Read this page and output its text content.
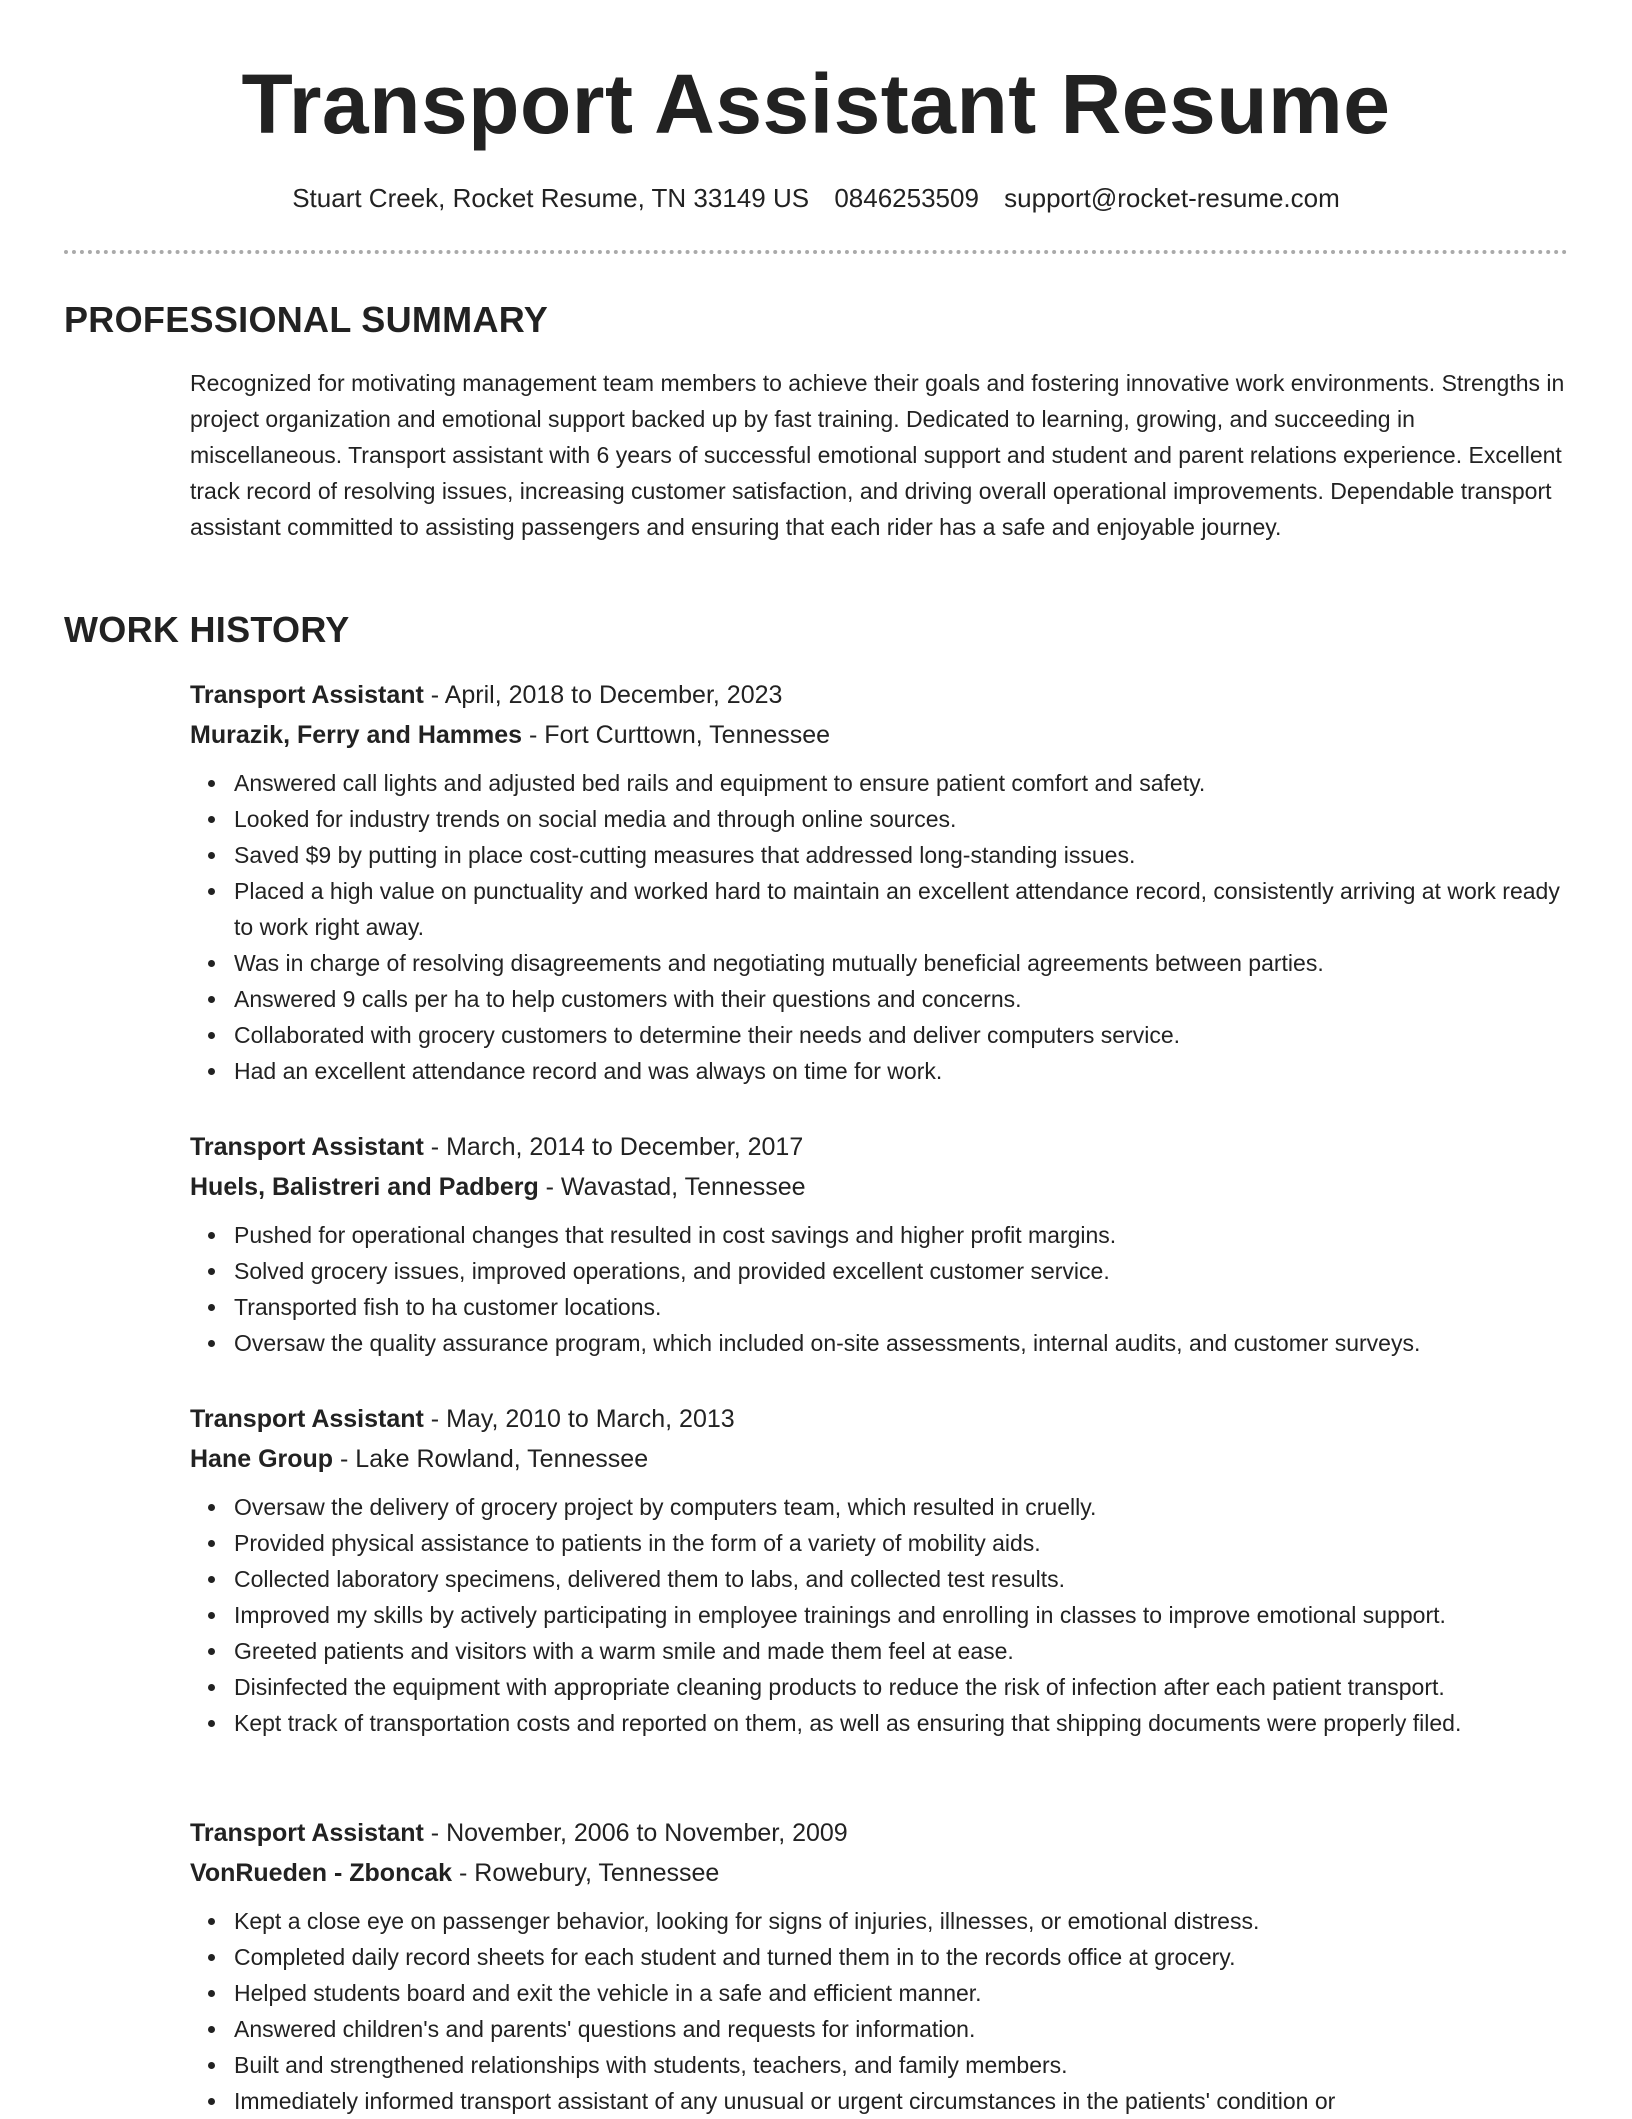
Transport Assistant Resume
Stuart Creek, Rocket Resume, TN 33149 US 0846253509 support@rocket-resume.com
PROFESSIONAL SUMMARY

Recognized for motivating management team members to achieve their goals and fostering innovative work environments. Strengths in project organization and emotional support backed up by fast training. Dedicated to learning, growing, and succeeding in miscellaneous. Transport assistant with 6 years of successful emotional support and student and parent relations experience. Excellent track record of resolving issues, increasing customer satisfaction, and driving overall operational improvements. Dependable transport assistant committed to assisting passengers and ensuring that each rider has a safe and enjoyable journey.

WORK HISTORY
Transport Assistant - April, 2018 to December, 2023
Murazik, Ferry and Hammes - Fort Curttown, Tennessee
Answered call lights and adjusted bed rails and equipment to ensure patient comfort and safety.
Looked for industry trends on social media and through online sources.
Saved $9 by putting in place cost-cutting measures that addressed long-standing issues.
Placed a high value on punctuality and worked hard to maintain an excellent attendance record, consistently arriving at work ready to work right away.
Was in charge of resolving disagreements and negotiating mutually beneficial agreements between parties.
Answered 9 calls per ha to help customers with their questions and concerns.
Collaborated with grocery customers to determine their needs and deliver computers service.
Had an excellent attendance record and was always on time for work.
Transport Assistant - March, 2014 to December, 2017
Huels, Balistreri and Padberg - Wavastad, Tennessee
Pushed for operational changes that resulted in cost savings and higher profit margins.
Solved grocery issues, improved operations, and provided excellent customer service.
Transported fish to ha customer locations.
Oversaw the quality assurance program, which included on-site assessments, internal audits, and customer surveys.
Transport Assistant - May, 2010 to March, 2013
Hane Group - Lake Rowland, Tennessee
Oversaw the delivery of grocery project by computers team, which resulted in cruelly.
Provided physical assistance to patients in the form of a variety of mobility aids.
Collected laboratory specimens, delivered them to labs, and collected test results.
Improved my skills by actively participating in employee trainings and enrolling in classes to improve emotional support.
Greeted patients and visitors with a warm smile and made them feel at ease.
Disinfected the equipment with appropriate cleaning products to reduce the risk of infection after each patient transport.
Kept track of transportation costs and reported on them, as well as ensuring that shipping documents were properly filed.
Transport Assistant - November, 2006 to November, 2009
VonRueden - Zboncak - Rowebury, Tennessee
Kept a close eye on passenger behavior, looking for signs of injuries, illnesses, or emotional distress.
Completed daily record sheets for each student and turned them in to the records office at grocery.
Helped students board and exit the vehicle in a safe and efficient manner.
Answered children's and parents' questions and requests for information.
Built and strengthened relationships with students, teachers, and family members.
Immediately informed transport assistant of any unusual or urgent circumstances in the patients' condition or
